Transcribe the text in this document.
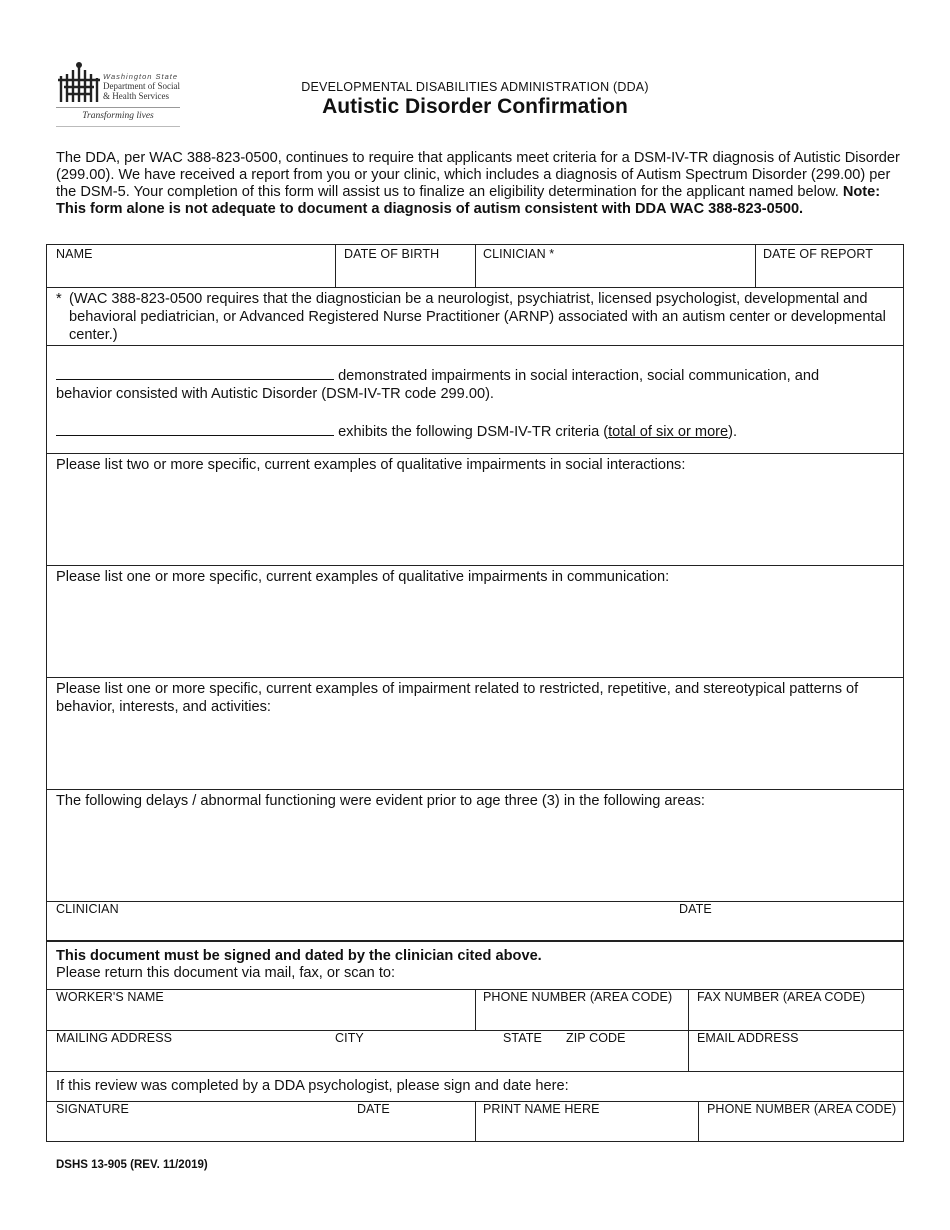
Washington State
Department of Social
& Health Services
Transforming lives
DEVELOPMENTAL DISABILITIES ADMINISTRATION (DDA)
Autistic Disorder Confirmation
The DDA, per WAC 388-823-0500, continues to require that applicants meet criteria for a DSM-IV-TR diagnosis of Autistic Disorder (299.00). We have received a report from you or your clinic, which includes a diagnosis of Autism Spectrum Disorder (299.00) per the DSM-5. Your completion of this form will assist us to finalize an eligibility determination for the applicant named below. Note: This form alone is not adequate to document a diagnosis of autism consistent with DDA WAC 388-823-0500.
NAME	DATE OF BIRTH	CLINICIAN *	DATE OF REPORT
* (WAC 388-823-0500 requires that the diagnostician be a neurologist, psychiatrist, licensed psychologist, developmental and behavioral pediatrician, or Advanced Registered Nurse Practitioner (ARNP) associated with an autism center or developmental center.)
demonstrated impairments in social interaction, social communication, and
behavior consisted with Autistic Disorder (DSM-IV-TR code 299.00).
exhibits the following DSM-IV-TR criteria (total of six or more).
Please list two or more specific, current examples of qualitative impairments in social interactions:
Please list one or more specific, current examples of qualitative impairments in communication:
Please list one or more specific, current examples of impairment related to restricted, repetitive, and stereotypical patterns of behavior, interests, and activities:
The following delays / abnormal functioning were evident prior to age three (3) in the following areas:
CLINICIAN	DATE
This document must be signed and dated by the clinician cited above.
Please return this document via mail, fax, or scan to:
WORKER'S NAME	PHONE NUMBER (AREA CODE) FAX NUMBER (AREA CODE)
MAILING ADDRESS	CITY	STATE ZIP CODE	EMAIL ADDRESS
If this review was completed by a DDA psychologist, please sign and date here:
SIGNATURE	DATE	PRINT NAME HERE	PHONE NUMBER (AREA CODE)
DSHS 13-905 (REV. 11/2019)
